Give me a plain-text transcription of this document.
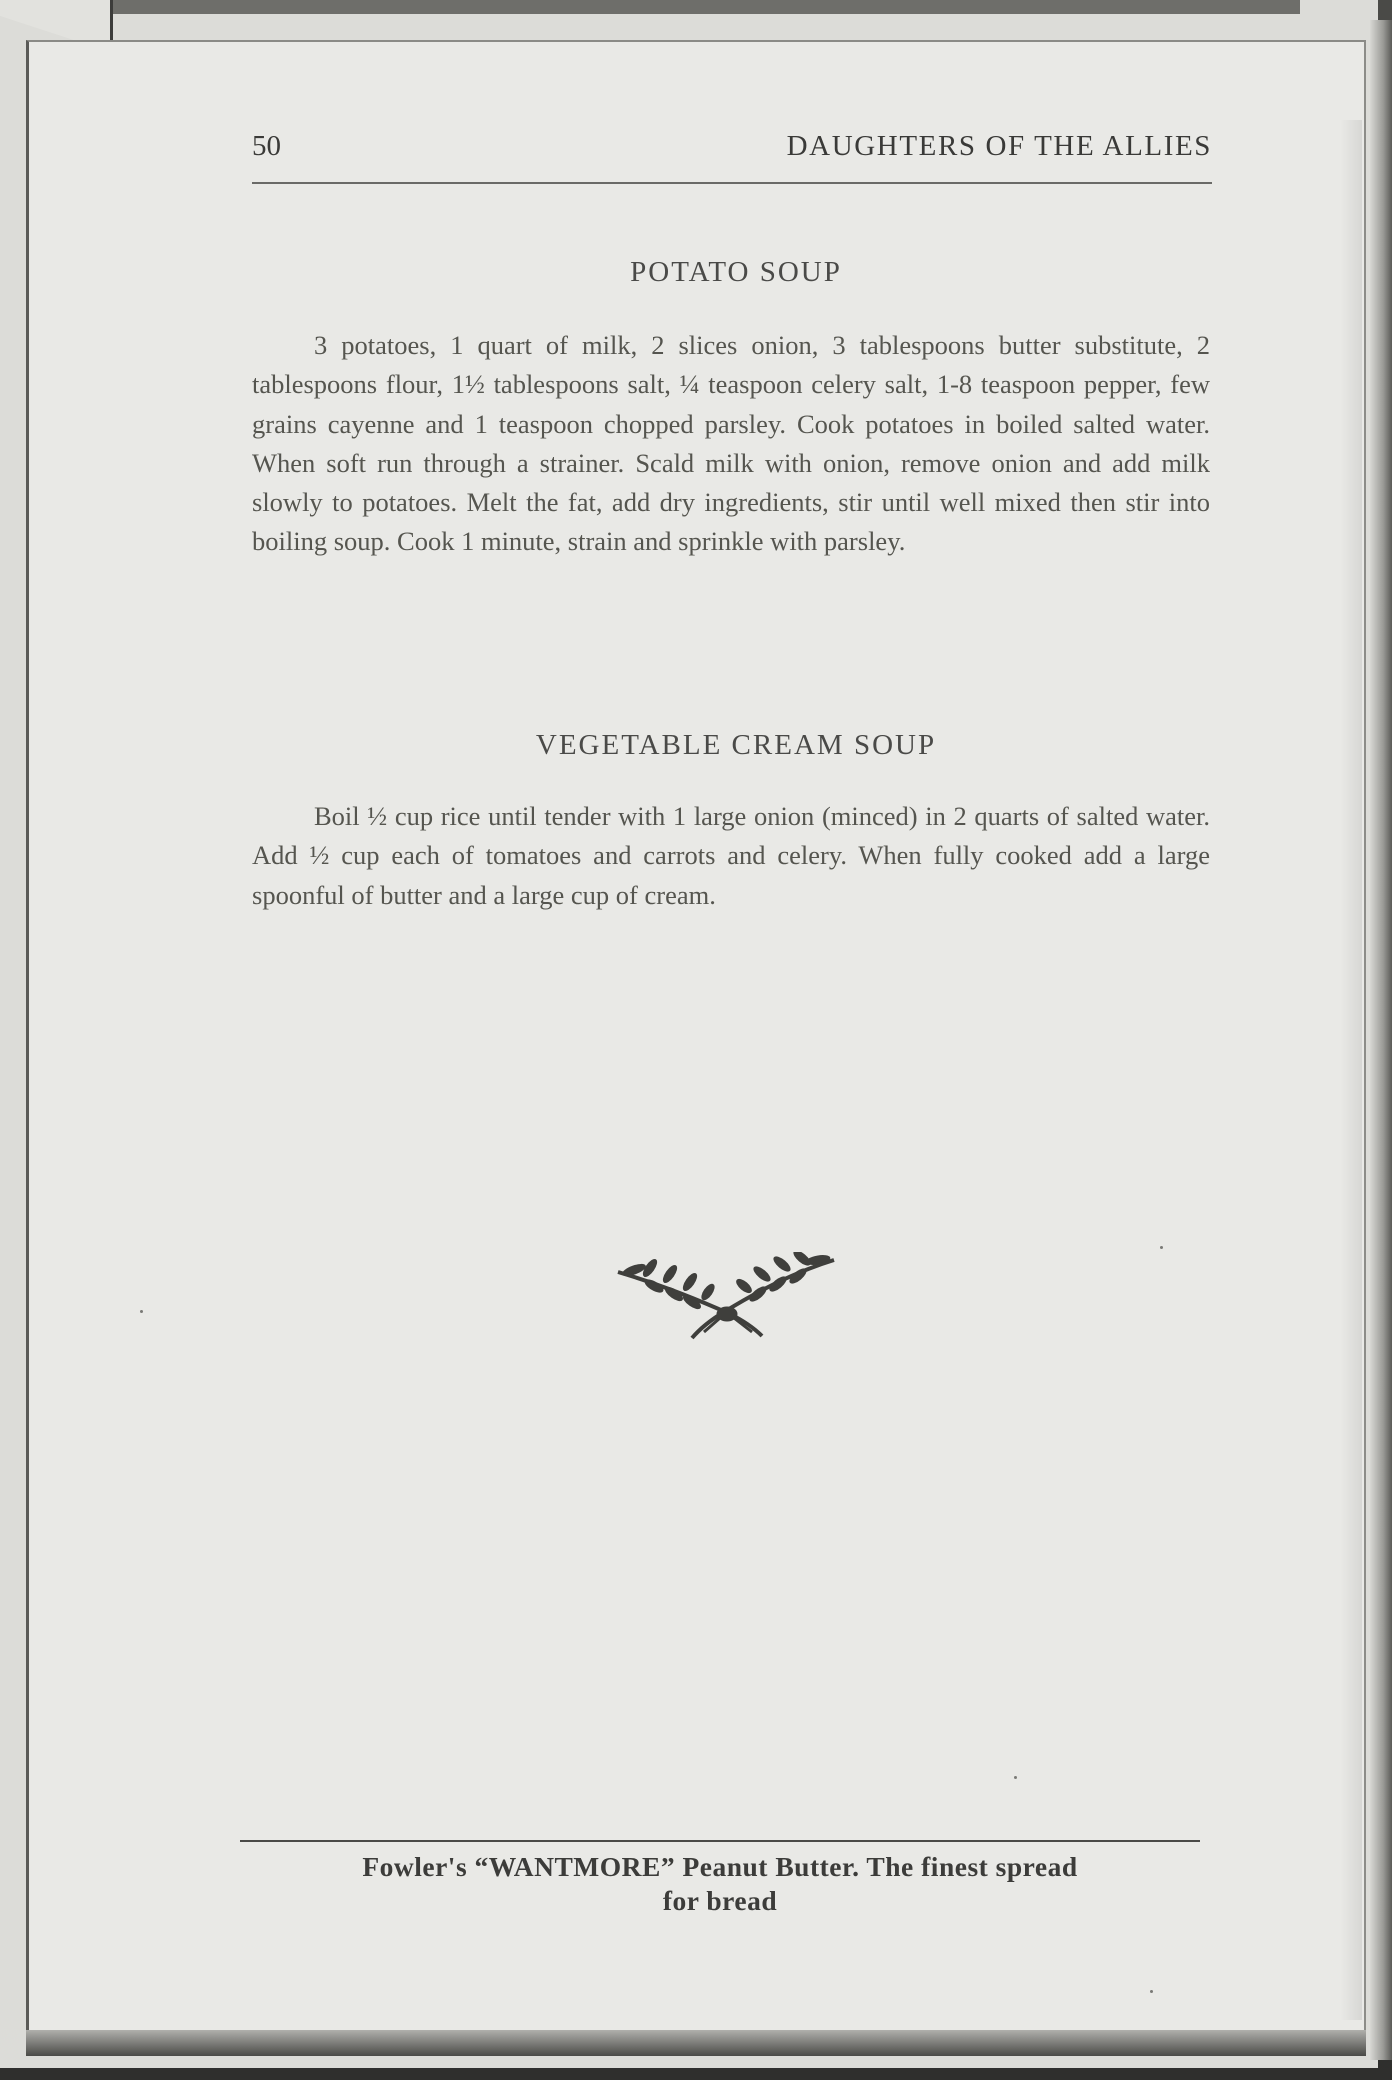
50	DAUGHTERS OF THE ALLIES
POTATO SOUP

3 potatoes, 1 quart of milk, 2 slices onion, 3 tablespoons butter substitute, 2 tablespoons flour, 1½ tablespoons salt, ¼ teaspoon celery salt, 1-8 teaspoon pepper, few grains cayenne and 1 teaspoon chopped parsley. Cook potatoes in boiled salted water. When soft run through a strainer. Scald milk with onion, remove onion and add milk slowly to potatoes. Melt the fat, add dry ingredients, stir until well mixed then stir into boiling soup. Cook 1 minute, strain and sprinkle with parsley.

VEGETABLE CREAM SOUP

Boil ½ cup rice until tender with 1 large onion (minced) in 2 quarts of salted water. Add ½ cup each of tomatoes and carrots and celery. When fully cooked add a large spoonful of butter and a large cup of cream.

Fowler's “WANTMORE” Peanut Butter. The finest spread
for bread
